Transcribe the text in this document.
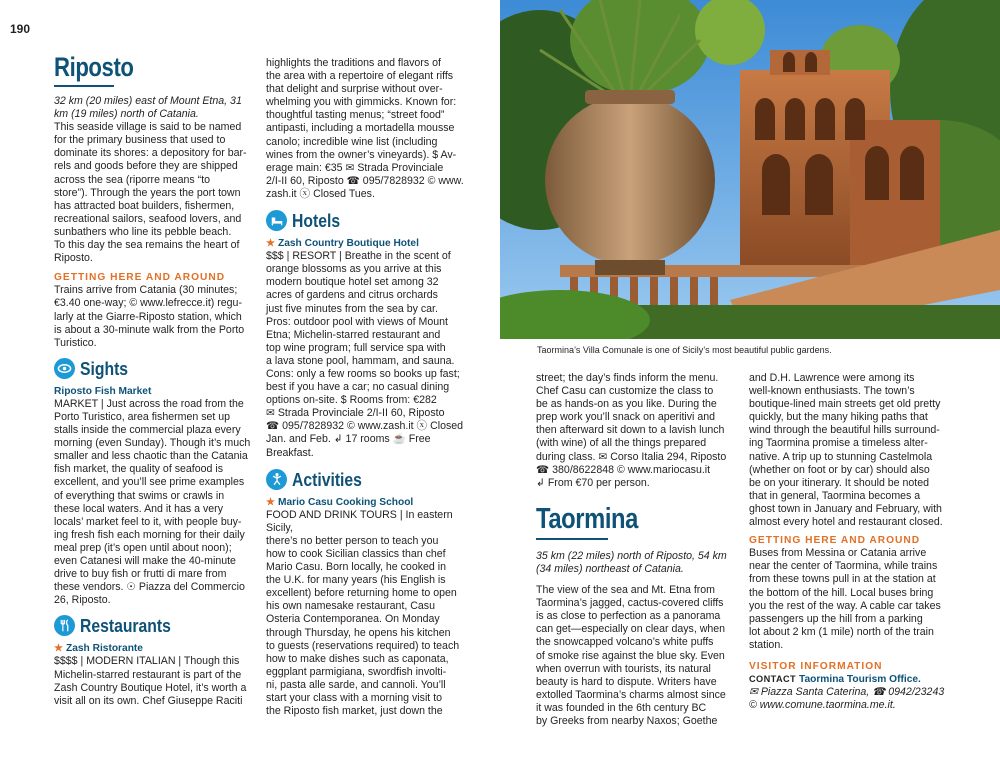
190
Riposto

32 km (20 miles) east of Mount Etna, 31 km (19 miles) north of Catania.

This seaside village is said to be named
for the primary business that used to
dominate its shores: a depository for bar-
rels and goods before they are shipped
across the sea (riporre means “to
store”). Through the years the port town
has attracted boat builders, fishermen,
recreational sailors, seafood lovers, and
sunbathers who line its pebble beach.
To this day the sea remains the heart of
Riposto.
GETTING HERE AND AROUND
Trains arrive from Catania (30 minutes;
€3.40 one-way; © www.lefrecce.it) regu-
larly at the Giarre-Riposto station, which
is about a 30-minute walk from the Porto
Turistico.
Sights
Riposto Fish Market
MARKET | Just across the road from the
Porto Turistico, area fishermen set up
stalls inside the commercial plaza every
morning (even Sunday). Though it’s much
smaller and less chaotic than the Catania
fish market, the quality of seafood is
excellent, and you’ll see prime examples
of everything that swims or crawls in
these local waters. And it has a very
locals’ market feel to it, with people buy-
ing fresh fish each morning for their daily
meal prep (it’s open until about noon);
even Catanesi will make the 40-minute
drive to buy fish or frutti di mare from
these vendors. ☉ Piazza del Commercio
26, Riposto.
Restaurants
★ Zash Ristorante
$$$$ | MODERN ITALIAN | Though this
Michelin-starred restaurant is part of the
Zash Country Boutique Hotel, it’s worth a
visit all on its own. Chef Giuseppe Raciti
highlights the traditions and flavors of
the area with a repertoire of elegant riffs
that delight and surprise without over-
whelming you with gimmicks. Known for:
thoughtful tasting menus; “street food”
antipasti, including a mortadella mousse
canolo; incredible wine list (including
wines from the owner’s vineyards). $ Av-
erage main: €35 ✉ Strada Provinciale
2/I-II 60, Riposto ☎ 095/7828932 © www.
zash.it ⓧ Closed Tues.
Hotels
★ Zash Country Boutique Hotel
$$$ | RESORT | Breathe in the scent of
orange blossoms as you arrive at this
modern boutique hotel set among 32
acres of gardens and citrus orchards
just five minutes from the sea by car.
Pros: outdoor pool with views of Mount
Etna; Michelin-starred restaurant and
top wine program; full service spa with
a lava stone pool, hammam, and sauna.
Cons: only a few rooms so books up fast;
best if you have a car; no casual dining
options on-site. $ Rooms from: €282
✉ Strada Provinciale 2/I-II 60, Riposto
☎ 095/7828932 © www.zash.it ⓧ Closed
Jan. and Feb. ↲ 17 rooms ☕ Free
Breakfast.
Activities
★ Mario Casu Cooking School
FOOD AND DRINK TOURS | In eastern Sicily,
there’s no better person to teach you
how to cook Sicilian classics than chef
Mario Casu. Born locally, he cooked in
the U.K. for many years (his English is
excellent) before returning home to open
his own namesake restaurant, Casu
Osteria Contemporanea. On Monday
through Thursday, he opens his kitchen
to guests (reservations required) to teach
how to make dishes such as caponata,
eggplant parmigiana, swordfish involti-
ni, pasta alle sarde, and cannoli. You’ll
start your class with a morning visit to
the Riposto fish market, just down the
Taormina’s Villa Comunale is one of Sicily’s most beautiful public gardens.
street; the day’s finds inform the menu.
Chef Casu can customize the class to
be as hands-on as you like. During the
prep work you’ll snack on aperitivi and
then afterward sit down to a lavish lunch
(with wine) of all the things prepared
during class. ✉ Corso Italia 294, Riposto
☎ 380/8622848 © www.mariocasu.it
↲ From €70 per person.
Taormina
35 km (22 miles) north of Riposto, 54 km
(34 miles) northeast of Catania.
The view of the sea and Mt. Etna from
Taormina’s jagged, cactus-covered cliffs
is as close to perfection as a panorama
can get—especially on clear days, when
the snowcapped volcano’s white puffs
of smoke rise against the blue sky. Even
when overrun with tourists, its natural
beauty is hard to dispute. Writers have
extolled Taormina’s charms almost since
it was founded in the 6th century BC
by Greeks from nearby Naxos; Goethe
and D.H. Lawrence were among its
well-known enthusiasts. The town’s
boutique-lined main streets get old pretty
quickly, but the many hiking paths that
wind through the beautiful hills surround-
ing Taormina promise a timeless alter-
native. A trip up to stunning Castelmola
(whether on foot or by car) should also
be on your itinerary. It should be noted
that in general, Taormina becomes a
ghost town in January and February, with
almost every hotel and restaurant closed.
GETTING HERE AND AROUND
Buses from Messina or Catania arrive
near the center of Taormina, while trains
from these towns pull in at the station at
the bottom of the hill. Local buses bring
you the rest of the way. A cable car takes
passengers up the hill from a parking
lot about 2 km (1 mile) north of the train
station.
VISITOR INFORMATION
CONTACT Taormina Tourism Office.
✉ Piazza Santa Caterina, ☎ 0942/23243
© www.comune.taormina.me.it.
